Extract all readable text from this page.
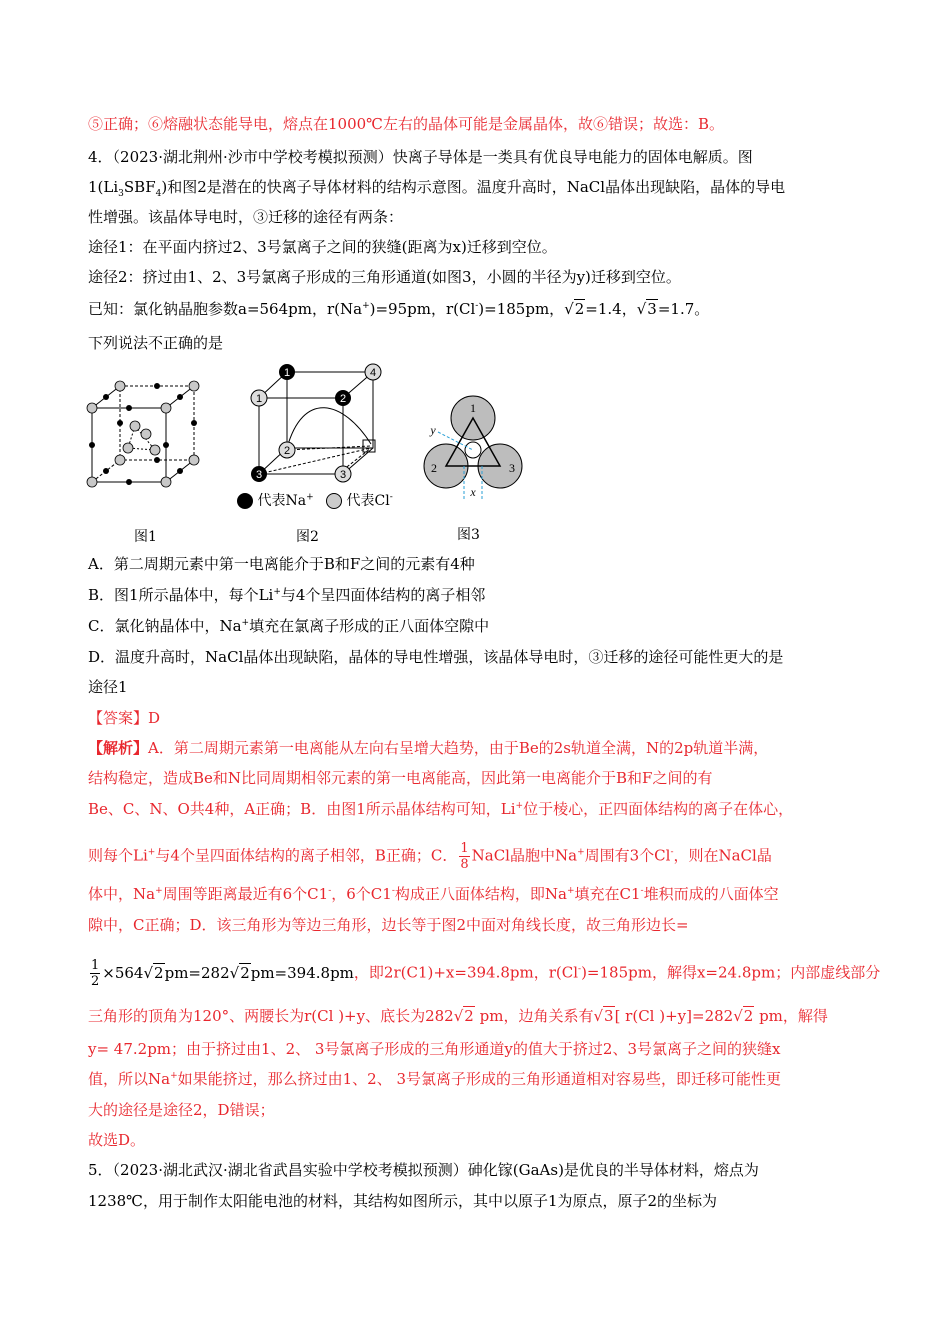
⑤正确；⑥熔融状态能导电，熔点在1000℃左右的晶体可能是金属晶体，故⑥错误；故选：B。
4．（2023·湖北荆州·沙市中学校考模拟预测）快离子导体是一类具有优良导电能力的固体电解质。图
$1(Li_3SBF_4)$和图2是潜在的快离子导体材料的结构示意图。温度升高时，NaCl晶体出现缺陷，晶体的导电
性增强。该晶体导电时，③迁移的途径有两条：
途径1：在平面内挤过2、3号氯离子之间的狭缝(距离为x)迁移到空位。
途径2：挤过由1、2、3号氯离子形成的三角形通道(如图3，小圆的半径为y)迁移到空位。
已知：氯化钠晶胞参数a=564pm，r(Na+)=95pm，r(Cl-)=185pm，√2=1.4，√3=1.7。
下列说法不正确的是
1
2
3
4
1
2
3
代表Na+ 代表Cl-
1
2	3
y
x
图1	图2	图3
A．第二周期元素中第一电离能介于B和F之间的元素有4种
B．图1所示晶体中，每个Li+与4个呈四面体结构的离子相邻
C．氯化钠晶体中，Na+填充在氯离子形成的正八面体空隙中
D．温度升高时，NaCl晶体出现缺陷，晶体的导电性增强，该晶体导电时，③迁移的途径可能性更大的是
途径1
【答案】D
【解析】A．第二周期元素第一电离能从左向右呈增大趋势，由于Be的2s轨道全满，N的2p轨道半满，
结构稳定，造成Be和N比同周期相邻元素的第一电离能高，因此第一电离能介于B和F之间的有
Be、C、N、O共4种，A正确；B．由图1所示晶体结构可知，Li+位于棱心，正四面体结构的离子在体心，
则每个Li+与4个呈四面体结构的离子相邻，B正确；C． $\frac{1}{8}$ NaCl晶胞中Na+周围有3个Cl-，则在NaCl晶
体中，Na+周围等距离最近有6个C1-，6个C1-构成正八面体结构，即Na+填充在C1-堆积而成的八面体空
隙中，C正确；D．该三角形为等边三角形，边长等于图2中面对角线长度，故三角形边长=
$\frac{1}{2} \times 564√2pm=282√2pm=394.8pm$，即2r(C1)+x=394.8pm，r(Cl-)=185pm，解得x=24.8pm；内部虚线部分
三角形的顶角为120°、两腰长为r(Cl )+y、底长为282√2 pm，边角关系有√3[ r(Cl )+y]=282√2 pm，解得
y= 47.2pm；由于挤过由1、2、 3号氯离子形成的三角形通道y的值大于挤过2、3号氯离子之间的狭缝x
值，所以Na+如果能挤过，那么挤过由1、2、 3号氯离子形成的三角形通道相对容易些，即迁移可能性更
大的途径是途径2，D错误；
故选D。
5．（2023·湖北武汉·湖北省武昌实验中学校考模拟预测）砷化镓(GaAs)是优良的半导体材料，熔点为
1238℃，用于制作太阳能电池的材料，其结构如图所示，其中以原子1为原点，原子2的坐标为
